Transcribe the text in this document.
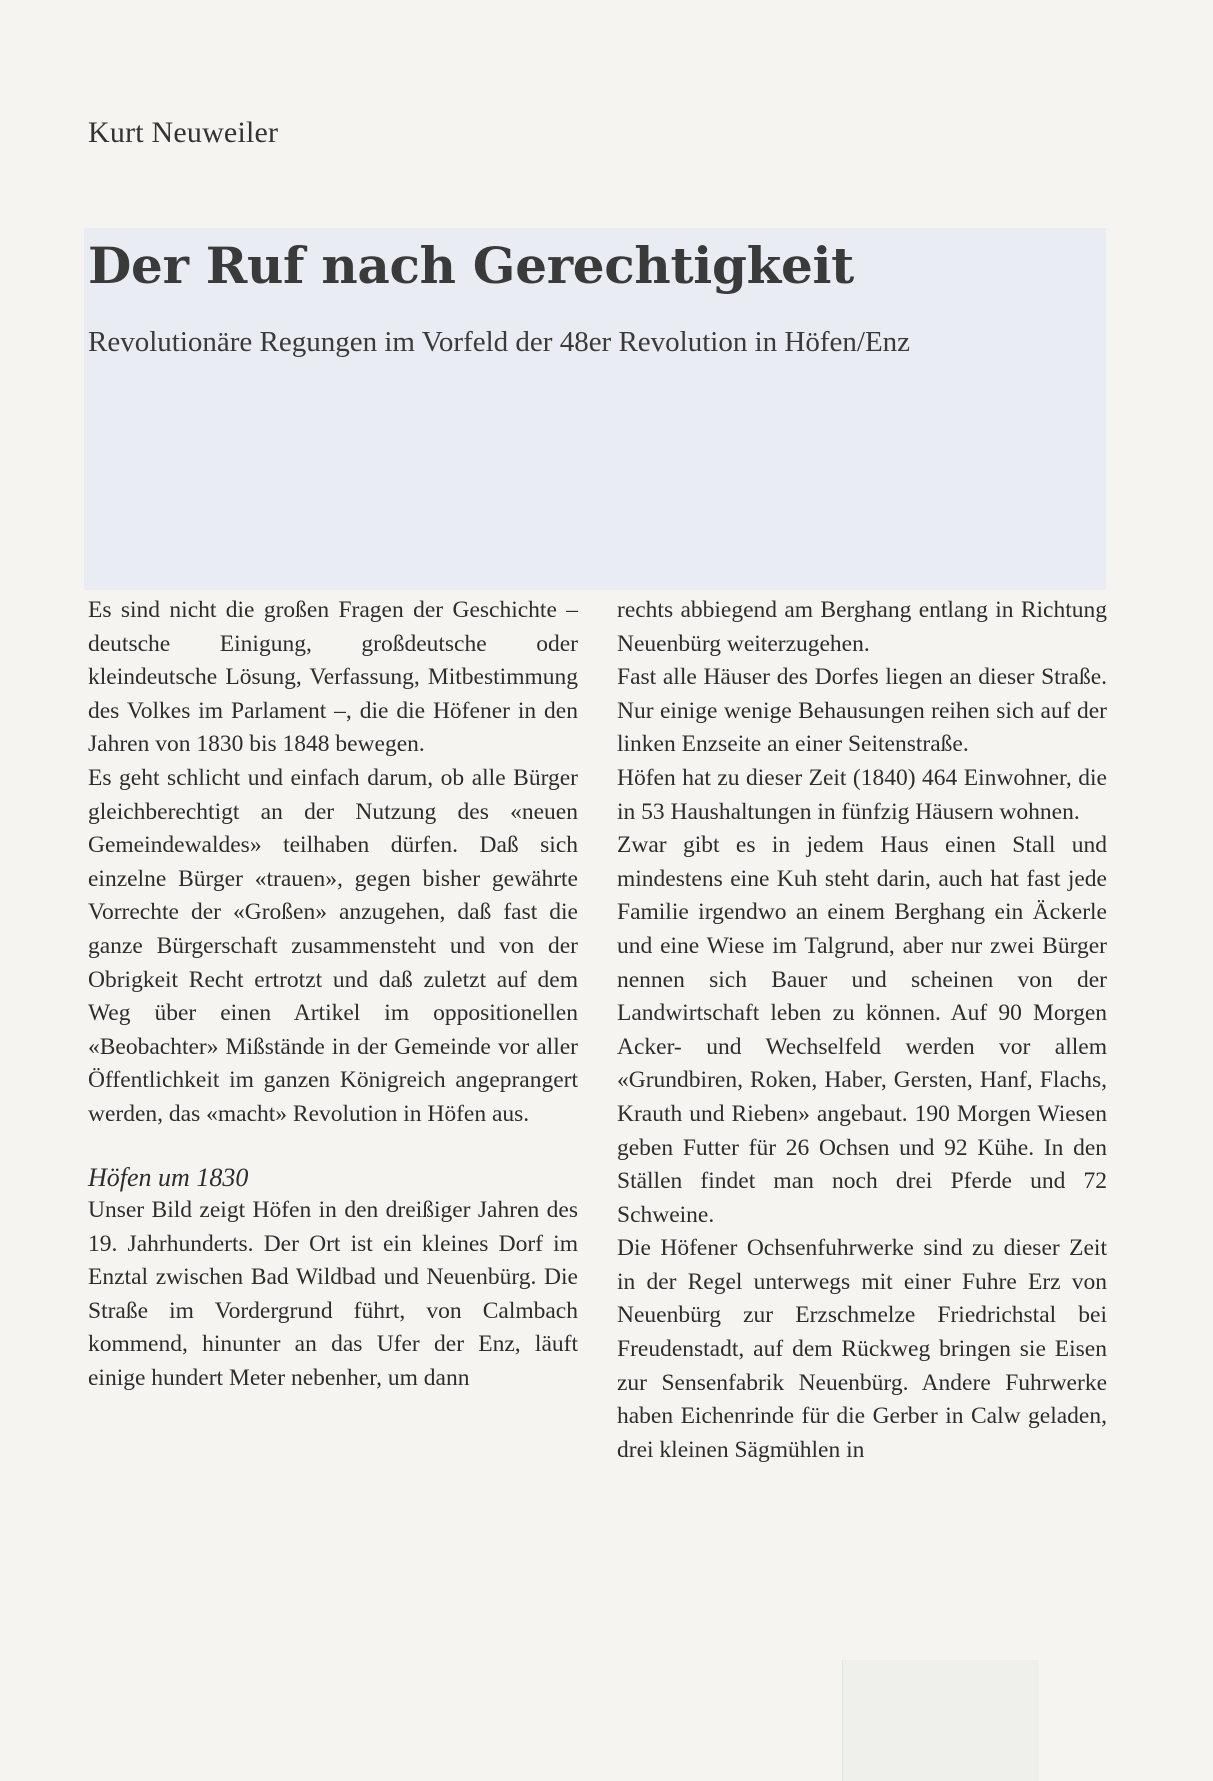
Kurt Neuweiler
Der Ruf nach Gerechtigkeit
Revolutionäre Regungen im Vorfeld der 48er Revolution in Höfen/Enz

Es sind nicht die großen Fragen der Geschichte – deutsche Einigung, großdeutsche oder kleindeutsche Lösung, Verfassung, Mitbestimmung des Volkes im Parlament –, die die Höfener in den Jahren von 1830 bis 1848 bewegen.

Es geht schlicht und einfach darum, ob alle Bürger gleichberechtigt an der Nutzung des «neuen Gemeindewaldes» teilhaben dürfen. Daß sich einzelne Bürger «trauen», gegen bisher gewährte Vorrechte der «Großen» anzugehen, daß fast die ganze Bürgerschaft zusammensteht und von der Obrigkeit Recht ertrotzt und daß zuletzt auf dem Weg über einen Artikel im oppositionellen «Beobachter» Mißstände in der Gemeinde vor aller Öffentlichkeit im ganzen Königreich angeprangert werden, das «macht» Revolution in Höfen aus.

Höfen um 1830

Unser Bild zeigt Höfen in den dreißiger Jahren des 19. Jahrhunderts. Der Ort ist ein kleines Dorf im Enztal zwischen Bad Wildbad und Neuenbürg. Die Straße im Vordergrund führt, von Calmbach kommend, hinunter an das Ufer der Enz, läuft einige hundert Meter nebenher, um dann

rechts abbiegend am Berghang entlang in Richtung Neuenbürg weiterzugehen.

Fast alle Häuser des Dorfes liegen an dieser Straße. Nur einige wenige Behausungen reihen sich auf der linken Enzseite an einer Seitenstraße.

Höfen hat zu dieser Zeit (1840) 464 Einwohner, die in 53 Haushaltungen in fünfzig Häusern wohnen.

Zwar gibt es in jedem Haus einen Stall und mindestens eine Kuh steht darin, auch hat fast jede Familie irgendwo an einem Berghang ein Äckerle und eine Wiese im Talgrund, aber nur zwei Bürger nennen sich Bauer und scheinen von der Landwirtschaft leben zu können. Auf 90 Morgen Acker- und Wechselfeld werden vor allem «Grundbiren, Roken, Haber, Gersten, Hanf, Flachs, Krauth und Rieben» angebaut. 190 Morgen Wiesen geben Futter für 26 Ochsen und 92 Kühe. In den Ställen findet man noch drei Pferde und 72 Schweine.

Die Höfener Ochsenfuhrwerke sind zu dieser Zeit in der Regel unterwegs mit einer Fuhre Erz von Neuenbürg zur Erzschmelze Friedrichstal bei Freudenstadt, auf dem Rückweg bringen sie Eisen zur Sensenfabrik Neuenbürg. Andere Fuhrwerke haben Eichenrinde für die Gerber in Calw geladen, drei kleinen Sägmühlen in
